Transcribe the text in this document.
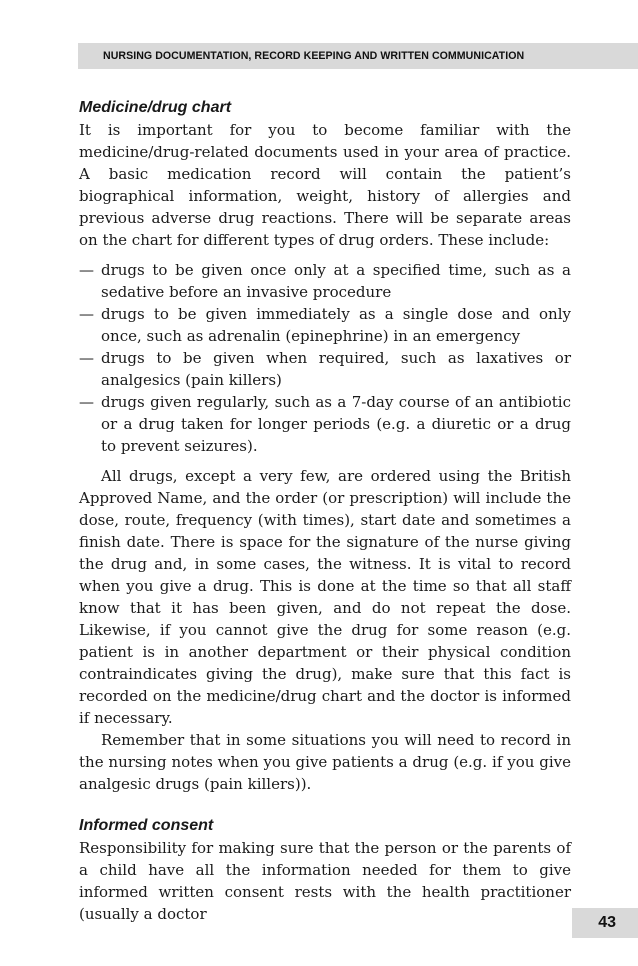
NURSING DOCUMENTATION, RECORD KEEPING AND WRITTEN COMMUNICATION
Medicine/drug chart

It is important for you to become familiar with the medicine/drug-related documents used in your area of practice. A basic medication record will contain the patient’s biographical information, weight, history of allergies and previous adverse drug reactions. There will be separate areas on the chart for different types of drug orders. These include:

— drugs to be given once only at a specified time, such as a sedative before an invasive procedure
— drugs to be given immediately as a single dose and only once, such as adrenalin (epinephrine) in an emergency
— drugs to be given when required, such as laxatives or analgesics (pain killers)
— drugs given regularly, such as a 7-day course of an antibiotic or a drug taken for longer periods (e.g. a diuretic or a drug to prevent seizures).

All drugs, except a very few, are ordered using the British Approved Name, and the order (or prescription) will include the dose, route, frequency (with times), start date and sometimes a finish date. There is space for the signature of the nurse giving the drug and, in some cases, the witness. It is vital to record when you give a drug. This is done at the time so that all staff know that it has been given, and do not repeat the dose. Likewise, if you cannot give the drug for some reason (e.g. patient is in another department or their physical condition contraindicates giving the drug), make sure that this fact is recorded on the medicine/drug chart and the doctor is informed if necessary.

Remember that in some situations you will need to record in the nursing notes when you give patients a drug (e.g. if you give analgesic drugs (pain killers)).

Informed consent

Responsibility for making sure that the person or the parents of a child have all the information needed for them to give informed written consent rests with the health practitioner (usually a doctor	43
